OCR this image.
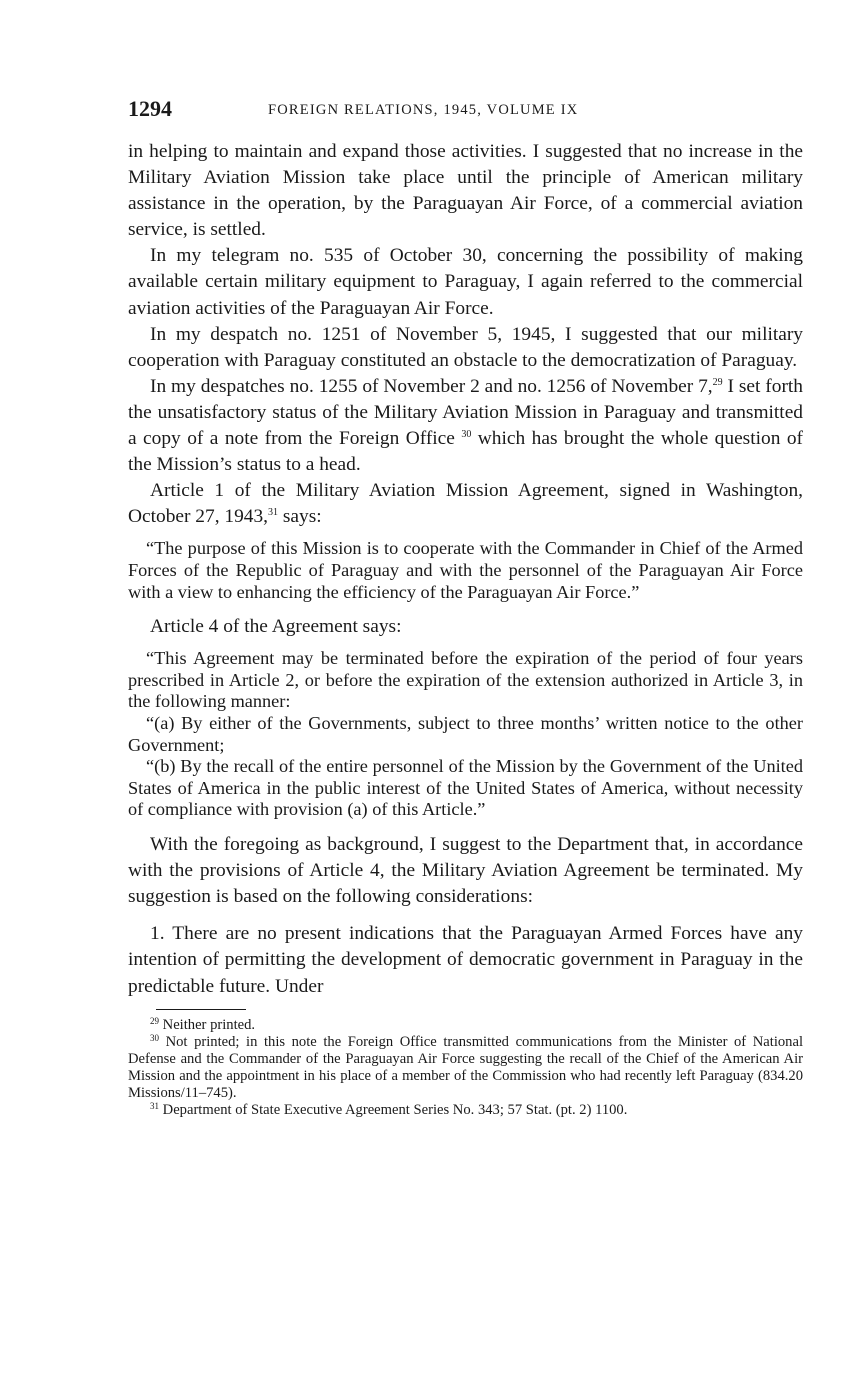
1294	FOREIGN RELATIONS, 1945, VOLUME IX

in helping to maintain and expand those activities. I suggested that no increase in the Military Aviation Mission take place until the principle of American military assistance in the operation, by the Paraguayan Air Force, of a commercial aviation service, is settled.

In my telegram no. 535 of October 30, concerning the possibility of making available certain military equipment to Paraguay, I again referred to the commercial aviation activities of the Paraguayan Air Force.

In my despatch no. 1251 of November 5, 1945, I suggested that our military cooperation with Paraguay constituted an obstacle to the democratization of Paraguay.

In my despatches no. 1255 of November 2 and no. 1256 of November 7,29 I set forth the unsatisfactory status of the Military Aviation Mission in Paraguay and transmitted a copy of a note from the Foreign Office $^{30}$ which has brought the whole question of the Mission’s status to a head.

Article 1 of the Military Aviation Mission Agreement, signed in Washington, October 27, 1943,31 says:

“The purpose of this Mission is to cooperate with the Commander in Chief of the Armed Forces of the Republic of Paraguay and with the personnel of the Paraguayan Air Force with a view to enhancing the efficiency of the Paraguayan Air Force.”

Article 4 of the Agreement says:

“This Agreement may be terminated before the expiration of the period of four years prescribed in Article 2, or before the expiration of the extension authorized in Article 3, in the following manner:

“(a) By either of the Governments, subject to three months’ written notice to the other Government;

“(b) By the recall of the entire personnel of the Mission by the Government of the United States of America in the public interest of the United States of America, without necessity of compliance with provision (a) of this Article.”

With the foregoing as background, I suggest to the Department that, in accordance with the provisions of Article 4, the Military Aviation Agreement be terminated. My suggestion is based on the following considerations:

1. There are no present indications that the Paraguayan Armed Forces have any intention of permitting the development of democratic government in Paraguay in the predictable future. Under

$^{29}$ Neither printed.

$^{30}$ Not printed; in this note the Foreign Office transmitted communications from the Minister of National Defense and the Commander of the Paraguayan Air Force suggesting the recall of the Chief of the American Air Mission and the appointment in his place of a member of the Commission who had recently left Paraguay (834.20 Missions/11–745).

$^{31}$ Department of State Executive Agreement Series No. 343; 57 Stat. (pt. 2) 1100.
